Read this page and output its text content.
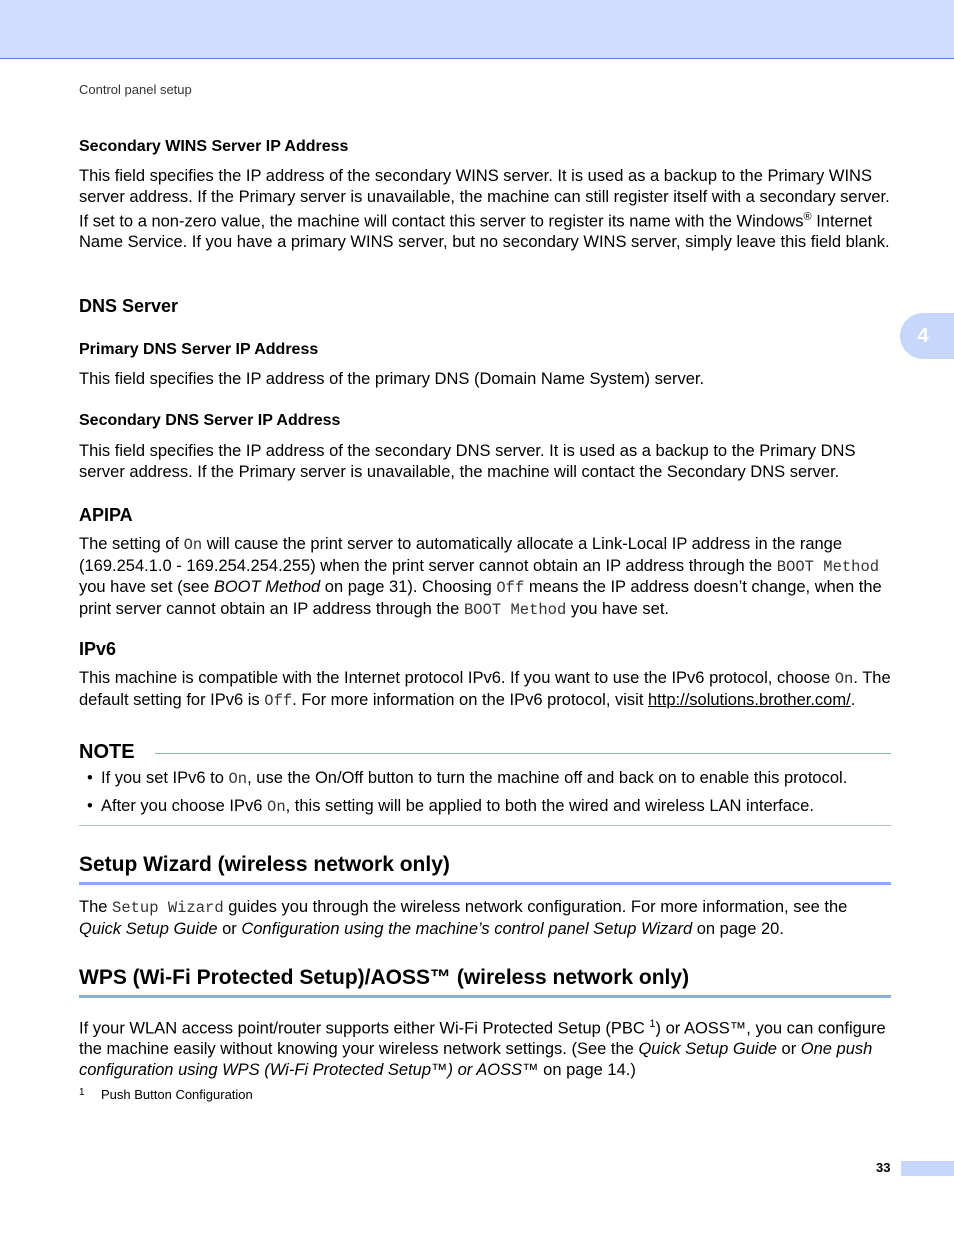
Control panel setup
4
Secondary WINS Server IP Address
This field specifies the IP address of the secondary WINS server. It is used as a backup to the Primary WINS server address. If the Primary server is unavailable, the machine can still register itself with a secondary server. If set to a non-zero value, the machine will contact this server to register its name with the Windows® Internet Name Service. If you have a primary WINS server, but no secondary WINS server, simply leave this field blank.
DNS Server
Primary DNS Server IP Address
This field specifies the IP address of the primary DNS (Domain Name System) server.
Secondary DNS Server IP Address
This field specifies the IP address of the secondary DNS server. It is used as a backup to the Primary DNS server address. If the Primary server is unavailable, the machine will contact the Secondary DNS server.
APIPA
The setting of On will cause the print server to automatically allocate a Link-Local IP address in the range (169.254.1.0 - 169.254.254.255) when the print server cannot obtain an IP address through the BOOT Method you have set (see BOOT Method on page 31). Choosing Off means the IP address doesn’t change, when the print server cannot obtain an IP address through the BOOT Method you have set.
IPv6
This machine is compatible with the Internet protocol IPv6. If you want to use the IPv6 protocol, choose On. The default setting for IPv6 is Off. For more information on the IPv6 protocol, visit http://solutions.brother.com/.
NOTE
• If you set IPv6 to On, use the On/Off button to turn the machine off and back on to enable this protocol.
• After you choose IPv6 On, this setting will be applied to both the wired and wireless LAN interface.
Setup Wizard (wireless network only)
The Setup Wizard guides you through the wireless network configuration. For more information, see the Quick Setup Guide or Configuration using the machine’s control panel Setup Wizard on page 20.
WPS (Wi-Fi Protected Setup)/AOSS™ (wireless network only)
If your WLAN access point/router supports either Wi-Fi Protected Setup (PBC $^1$) or AOSS™, you can configure the machine easily without knowing your wireless network settings. (See the Quick Setup Guide or One push configuration using WPS (Wi-Fi Protected Setup™) or AOSS™ on page 14.)
1 Push Button Configuration
33
